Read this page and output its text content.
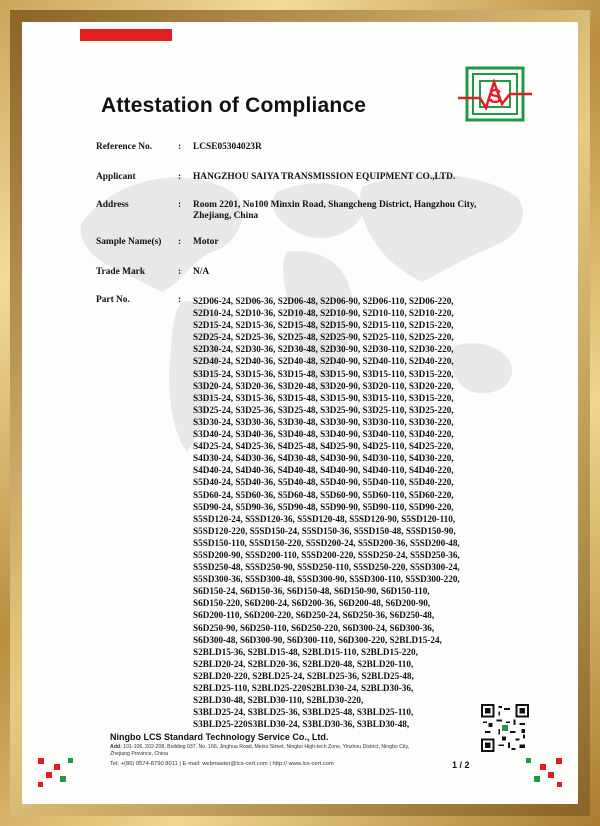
S
Attestation of Compliance
Reference No.	: LCSE05304023R
Applicant	: HANGZHOU SAIYA TRANSMISSION EQUIPMENT CO.,LTD.
Address	: Room 2201, No100 Minxin Road, Shangcheng District, Hangzhou City, Zhejiang, China
Sample Name(s) : Motor
Trade Mark	: N/A
Part No.	: S2D06-24, S2D06-36, S2D06-48, S2D06-90, S2D06-110, S2D06-220,
S2D10-24, S2D10-36, S2D10-48, S2D10-90, S2D10-110, S2D10-220,
S2D15-24, S2D15-36, S2D15-48, S2D15-90, S2D15-110, S2D15-220,
S2D25-24, S2D25-36, S2D25-48, S2D25-90, S2D25-110, S2D25-220,
S2D30-24, S2D30-36, S2D30-48, S2D30-90, S2D30-110, S2D30-220,
S2D40-24, S2D40-36, S2D40-48, S2D40-90, S2D40-110, S2D40-220,
S3D15-24, S3D15-36, S3D15-48, S3D15-90, S3D15-110, S3D15-220,
S3D20-24, S3D20-36, S3D20-48, S3D20-90, S3D20-110, S3D20-220,
S3D15-24, S3D15-36, S3D15-48, S3D15-90, S3D15-110, S3D15-220,
S3D25-24, S3D25-36, S3D25-48, S3D25-90, S3D25-110, S3D25-220,
S3D30-24, S3D30-36, S3D30-48, S3D30-90, S3D30-110, S3D30-220,
S3D40-24, S3D40-36, S3D40-48, S3D40-90, S3D40-110, S3D40-220,
S4D25-24, S4D25-36, S4D25-48, S4D25-90, S4D25-110, S4D25-220,
S4D30-24, S4D30-36, S4D30-48, S4D30-90, S4D30-110, S4D30-220,
S4D40-24, S4D40-36, S4D40-48, S4D40-90, S4D40-110, S4D40-220,
S5D40-24, S5D40-36, S5D40-48, S5D40-90, S5D40-110, S5D40-220,
S5D60-24, S5D60-36, S5D60-48, S5D60-90, S5D60-110, S5D60-220,
S5D90-24, S5D90-36, S5D90-48, S5D90-90, S5D90-110, S5D90-220,
S5SD120-24, S5SD120-36, S5SD120-48, S5SD120-90, S5SD120-110,
S5SD120-220, S5SD150-24, S5SD150-36, S5SD150-48, S5SD150-90,
S5SD150-110, S5SD150-220, S5SD200-24, S5SD200-36, S5SD200-48,
S5SD200-90, S5SD200-110, S5SD200-220, S5SD250-24, S5SD250-36,
S5SD250-48, S5SD250-90, S5SD250-110, S5SD250-220, S5SD300-24,
S5SD300-36, S5SD300-48, S5SD300-90, S5SD300-110, S5SD300-220,
S6D150-24, S6D150-36, S6D150-48, S6D150-90, S6D150-110,
S6D150-220, S6D200-24, S6D200-36, S6D200-48, S6D200-90,
S6D200-110, S6D200-220, S6D250-24, S6D250-36, S6D250-48,
S6D250-90, S6D250-110, S6D250-220, S6D300-24, S6D300-36,
S6D300-48, S6D300-90, S6D300-110, S6D300-220, S2BLD15-24,
S2BLD15-36, S2BLD15-48, S2BLD15-110, S2BLD15-220,
S2BLD20-24, S2BLD20-36, S2BLD20-48, S2BLD20-110,
S2BLD20-220, S2BLD25-24, S2BLD25-36, S2BLD25-48,
S2BLD25-110, S2BLD25-220S2BLD30-24, S2BLD30-36,
S2BLD30-48, S2BLD30-110, S2BLD30-220,
S3BLD25-24, S3BLD25-36, S3BLD25-48, S3BLD25-110,
S3BLD25-220S3BLD30-24, S3BLD30-36, S3BLD30-48,
Ningbo LCS Standard Technology Service Co., Ltd.
Add: 101-106, 202-208, Building 037, No. 166, Jinghua Road, Meixu Street, Ningbo High-tech Zone, Yinzhou District, Ningbo City, Zhejiang Province, China
Tel: +(86) 0574-8790 8011 | E-mail: webmaster@lcs-cert.com | http:// www.lcs-cert.com	1 / 2
